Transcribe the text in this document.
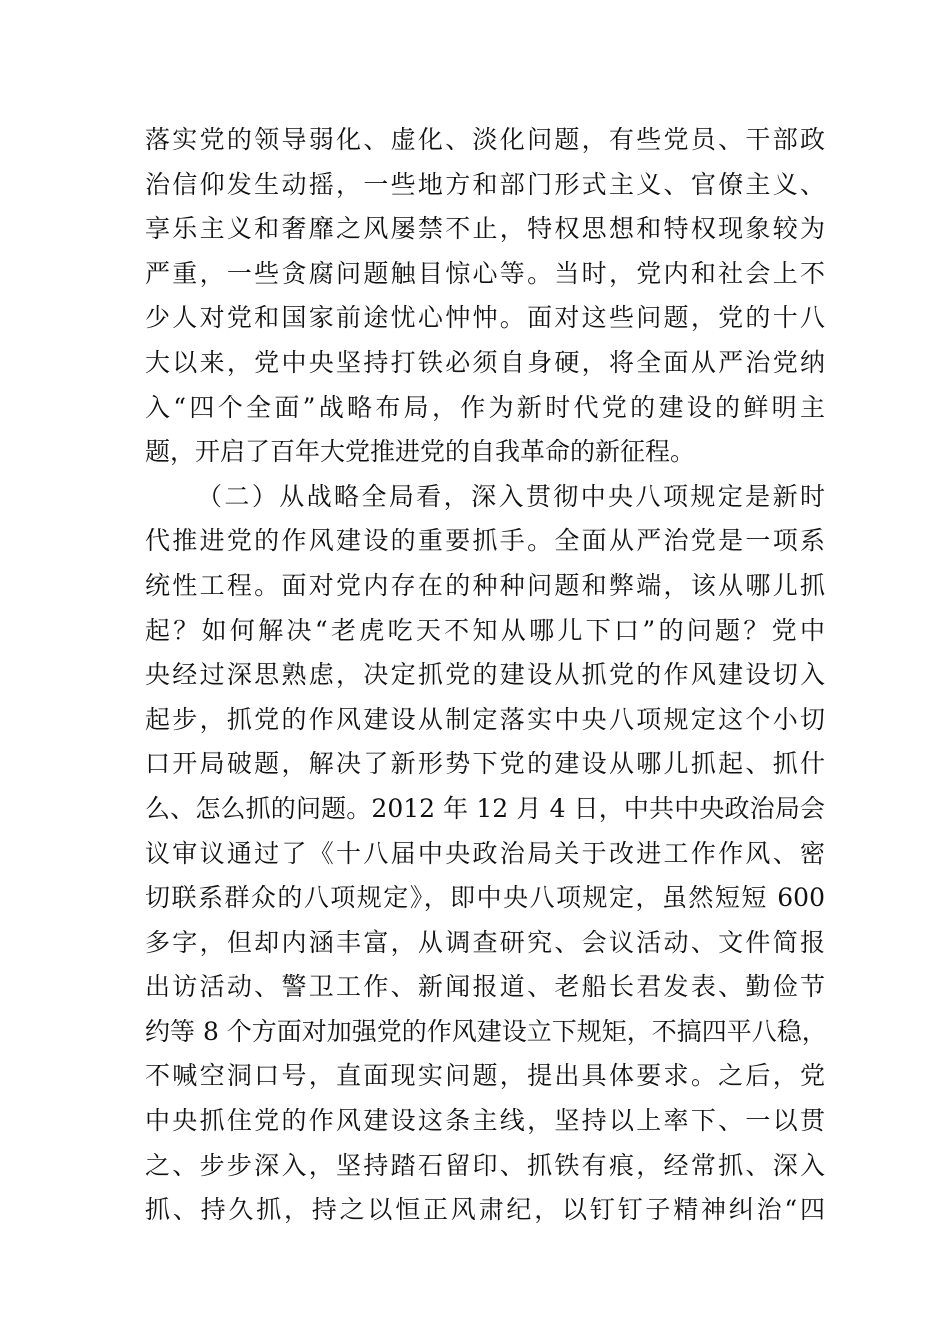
落实党的领导弱化、虚化、淡化问题，有些党员、干部政
治信仰发生动摇，一些地方和部门形式主义、官僚主义、
享乐主义和奢靡之风屡禁不止，特权思想和特权现象较为
严重，一些贪腐问题触目惊心等。当时，党内和社会上不
少人对党和国家前途忧心忡忡。面对这些问题，党的十八
大以来，党中央坚持打铁必须自身硬，将全面从严治党纳
入“四个全面”战略布局，作为新时代党的建设的鲜明主
题，开启了百年大党推进党的自我革命的新征程。
（二）从战略全局看，深入贯彻中央八项规定是新时
代推进党的作风建设的重要抓手。全面从严治党是一项系
统性工程。面对党内存在的种种问题和弊端，该从哪儿抓
起？如何解决“老虎吃天不知从哪儿下口”的问题？党中
央经过深思熟虑，决定抓党的建设从抓党的作风建设切入
起步，抓党的作风建设从制定落实中央八项规定这个小切
口开局破题，解决了新形势下党的建设从哪儿抓起、抓什
么、怎么抓的问题。2012 年 12 月 4 日，中共中央政治局会
议审议通过了《十八届中央政治局关于改进工作作风、密
切联系群众的八项规定》，即中央八项规定，虽然短短 600
多字，但却内涵丰富，从调查研究、会议活动、文件简报
出访活动、警卫工作、新闻报道、老船长君发表、勤俭节
约等 8 个方面对加强党的作风建设立下规矩，不搞四平八稳，
不喊空洞口号，直面现实问题，提出具体要求。之后，党
中央抓住党的作风建设这条主线，坚持以上率下、一以贯
之、步步深入，坚持踏石留印、抓铁有痕，经常抓、深入
抓、持久抓，持之以恒正风肃纪，以钉钉子精神纠治“四
